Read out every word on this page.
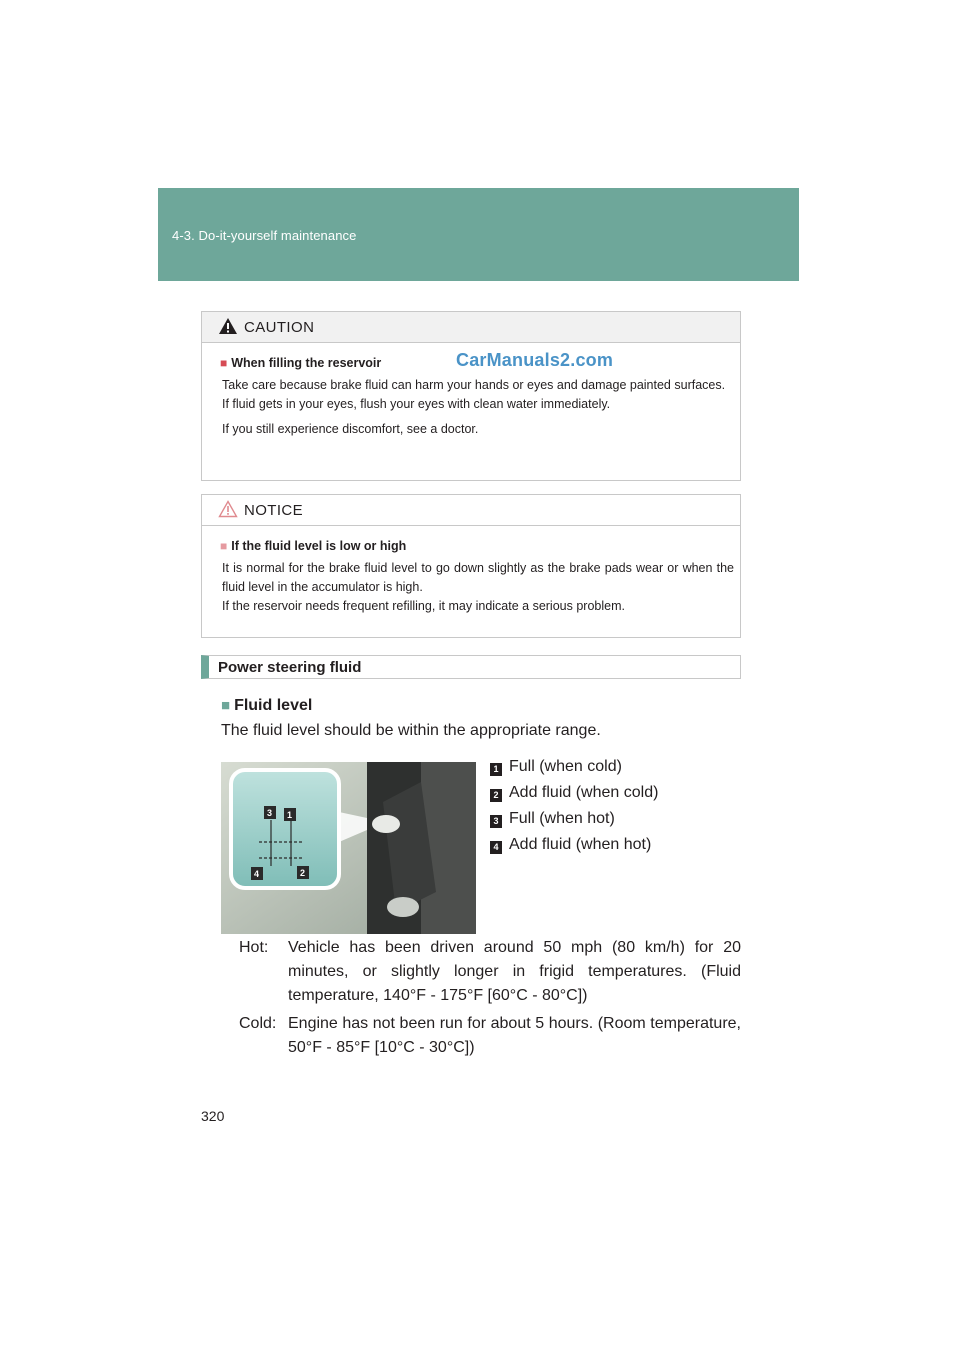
4-3. Do-it-yourself maintenance
CAUTION
■ When filling the reservoir
Take care because brake fluid can harm your hands or eyes and damage painted surfaces.
If fluid gets in your eyes, flush your eyes with clean water immediately.
If you still experience discomfort, see a doctor.
CarManuals2.com
NOTICE
■ If the fluid level is low or high
It is normal for the brake fluid level to go down slightly as the brake pads wear or when the fluid level in the accumulator is high.
If the reservoir needs frequent refilling, it may indicate a serious problem.
Power steering fluid
■ Fluid level
The fluid level should be within the appropriate range.
3 1
4	2
1 Full (when cold)
2 Add fluid (when cold)
3 Full (when hot)
4 Add fluid (when hot)
Hot: Vehicle has been driven around 50 mph (80 km/h) for 20 minutes, or slightly longer in frigid temperatures. (Fluid temperature, 140°F - 175°F [60°C - 80°C])
Cold: Engine has not been run for about 5 hours. (Room temperature, 50°F - 85°F [10°C - 30°C])
320
